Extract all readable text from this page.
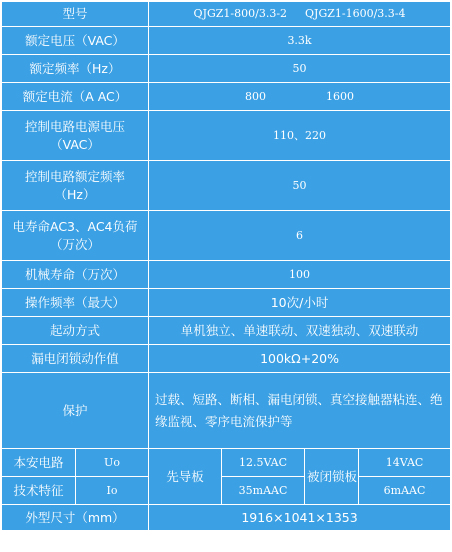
型号		QJGZ1-800/3.3-2 QJGZ1-1600/3.3-4			
额定电压（VAC）		3.3k			
额定频率（Hz）		50			
额定电流（A AC）		800 1600			

控制电路电源电压
（VAC）		110、220			

控制电路额定频率
（Hz）		50			

电寿命AC3、AC4负荷
（万次）		6			
机械寿命（万次）		100			
操作频率（最大）		10次/小时			
起动方式		单机独立、单速联动、双速独动、双速联动			
漏电闭锁动作值		100kΩ+20%			
保护		过载、短路、断相、漏电闭锁、真空接触器粘连、绝缘监视、零序电流保护等			
本安电路	Uo	先导板	12.5VAC	被闭锁板	14VAC
技术特征	Io		35mAAC		6mAAC
外型尺寸（mm）		1916×1041×1353			
